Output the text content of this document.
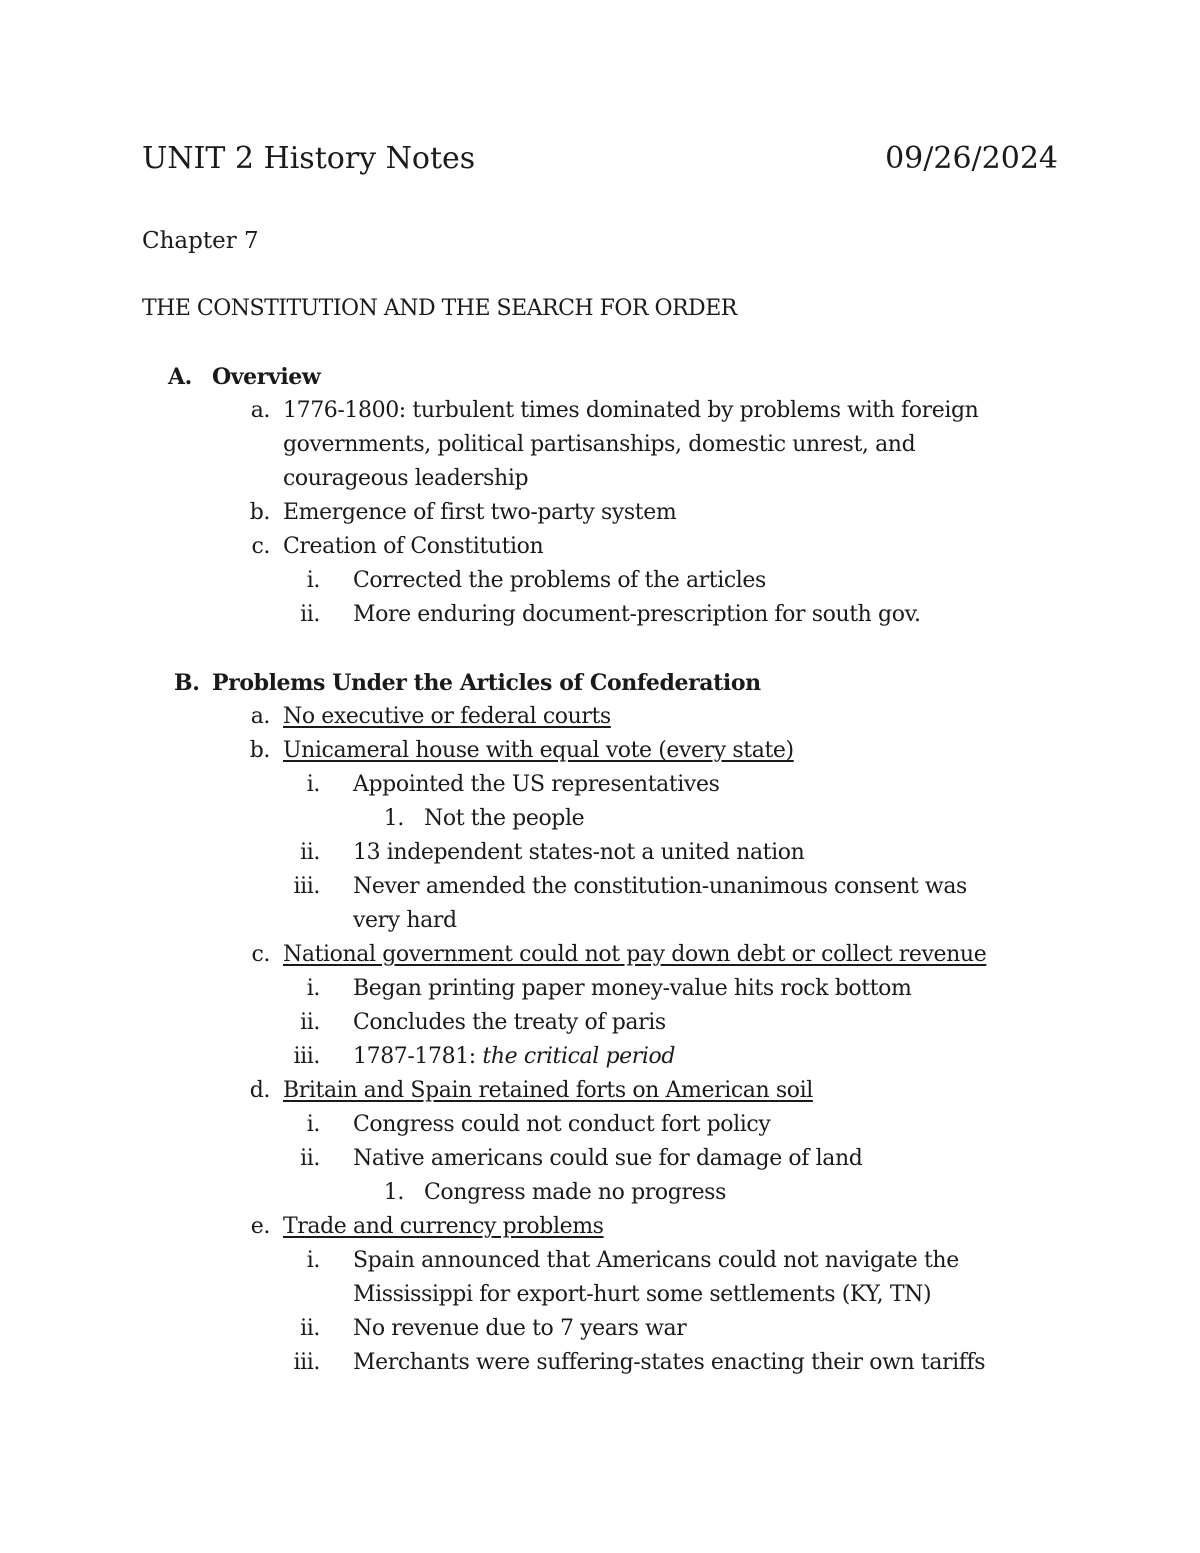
UNIT 2 History Notes	09/26/2024
Chapter 7
THE CONSTITUTION AND THE SEARCH FOR ORDER
A. Overview
a. 1776-1800: turbulent times dominated by problems with foreign
governments, political partisanships, domestic unrest, and
courageous leadership
b. Emergence of first two-party system
c. Creation of Constitution
i. Corrected the problems of the articles
ii. More enduring document-prescription for south gov.
B. Problems Under the Articles of Confederation
a. No executive or federal courts
b. Unicameral house with equal vote (every state)
i. Appointed the US representatives
1. Not the people
ii. 13 independent states-not a united nation
iii. Never amended the constitution-unanimous consent was
very hard
c. National government could not pay down debt or collect revenue
i. Began printing paper money-value hits rock bottom
ii. Concludes the treaty of paris
iii. 1787-1781: the critical period
d. Britain and Spain retained forts on American soil
i. Congress could not conduct fort policy
ii. Native americans could sue for damage of land
1. Congress made no progress
e. Trade and currency problems
i. Spain announced that Americans could not navigate the
Mississippi for export-hurt some settlements (KY, TN)
ii. No revenue due to 7 years war
iii. Merchants were suffering-states enacting their own tariffs
